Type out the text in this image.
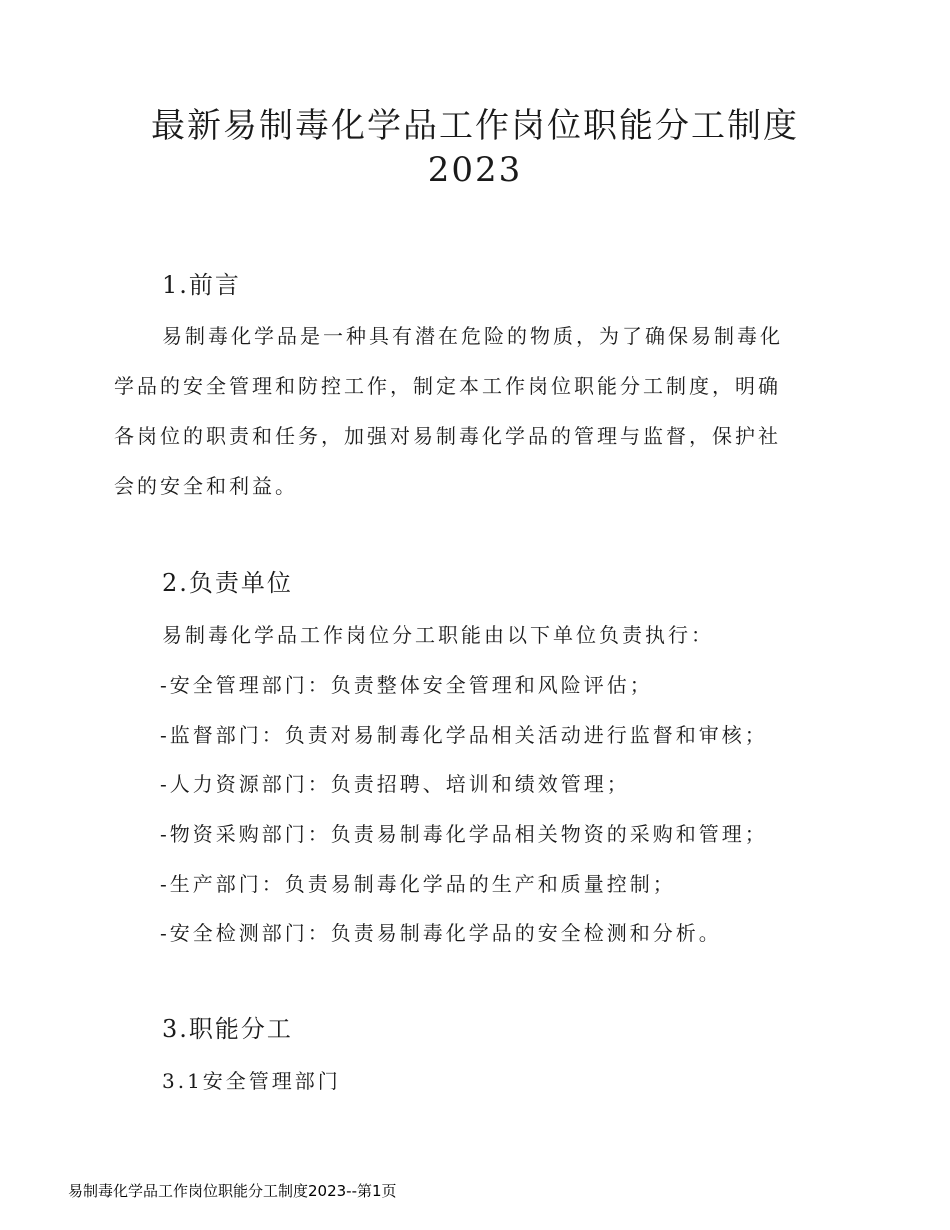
最新易制毒化学品工作岗位职能分工制度
2023
1.前言

易制毒化学品是一种具有潜在危险的物质，为了确保易制毒化

学品的安全管理和防控工作，制定本工作岗位职能分工制度，明确

各岗位的职责和任务，加强对易制毒化学品的管理与监督，保护社

会的安全和利益。

2.负责单位

易制毒化学品工作岗位分工职能由以下单位负责执行：

-安全管理部门：负责整体安全管理和风险评估；

-监督部门：负责对易制毒化学品相关活动进行监督和审核；

-人力资源部门：负责招聘、培训和绩效管理；

-物资采购部门：负责易制毒化学品相关物资的采购和管理；

-生产部门：负责易制毒化学品的生产和质量控制；

-安全检测部门：负责易制毒化学品的安全检测和分析。

3.职能分工

3.1安全管理部门

易制毒化学品工作岗位职能分工制度2023--第1页
